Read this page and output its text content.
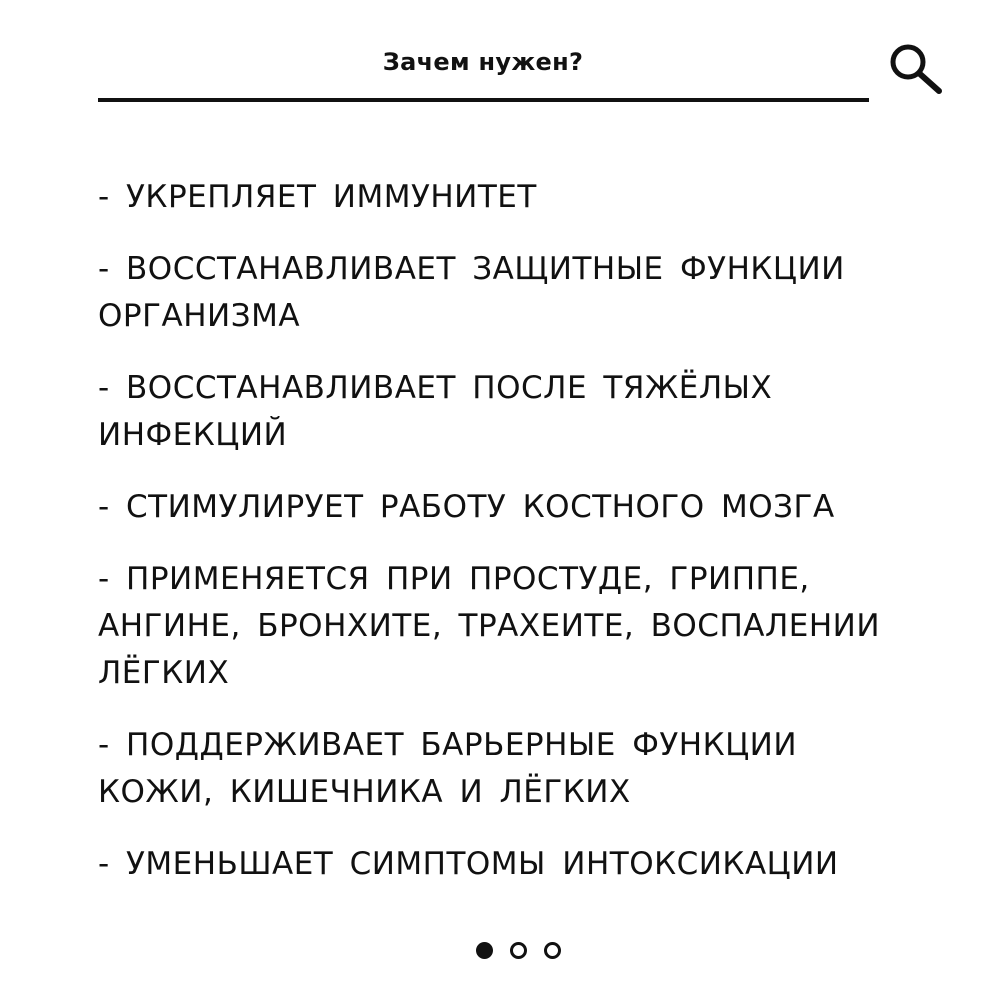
Зачем нужен?
- УКРЕПЛЯЕТ ИММУНИТЕТ
- ВОССТАНАВЛИВАЕТ ЗАЩИТНЫЕ ФУНКЦИИ
ОРГАНИЗМА
- ВОССТАНАВЛИВАЕТ ПОСЛЕ ТЯЖЁЛЫХ
ИНФЕКЦИЙ
- СТИМУЛИРУЕТ РАБОТУ КОСТНОГО МОЗГА
- ПРИМЕНЯЕТСЯ ПРИ ПРОСТУДЕ, ГРИППЕ,
АНГИНЕ, БРОНХИТЕ, ТРАХЕИТЕ, ВОСПАЛЕНИИ
ЛЁГКИХ
- ПОДДЕРЖИВАЕТ БАРЬЕРНЫЕ ФУНКЦИИ
КОЖИ, КИШЕЧНИКА И ЛЁГКИХ
- УМЕНЬШАЕТ СИМПТОМЫ ИНТОКСИКАЦИИ
